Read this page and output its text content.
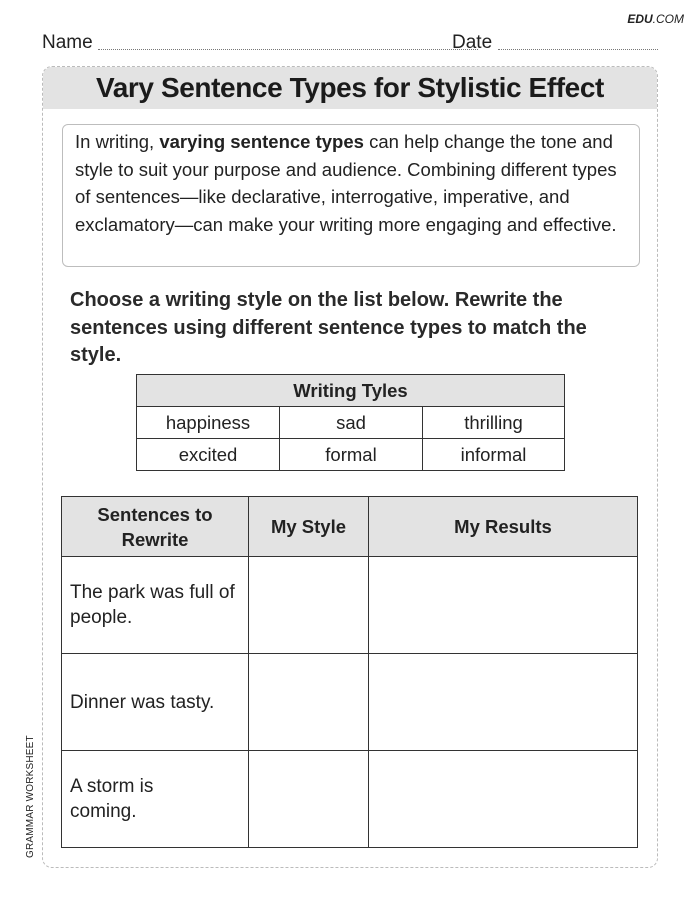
EDU.COM
Name	Date
Vary Sentence Types for Stylistic Effect
In writing, varying sentence types can help change the tone and style to suit your purpose and audience. Combining different types of sentences—like declarative, interrogative, imperative, and exclamatory—can make your writing more engaging and effective.
Choose a writing style on the list below. Rewrite the sentences using different sentence types to match the style.
Writing Tyles		
happiness	sad	thrilling
excited	formal	informal
Sentences to Rewrite	My Style	My Results
The park was full of people.		
Dinner was tasty.		

A storm is coming.		

GRAMMAR WORKSHEET
